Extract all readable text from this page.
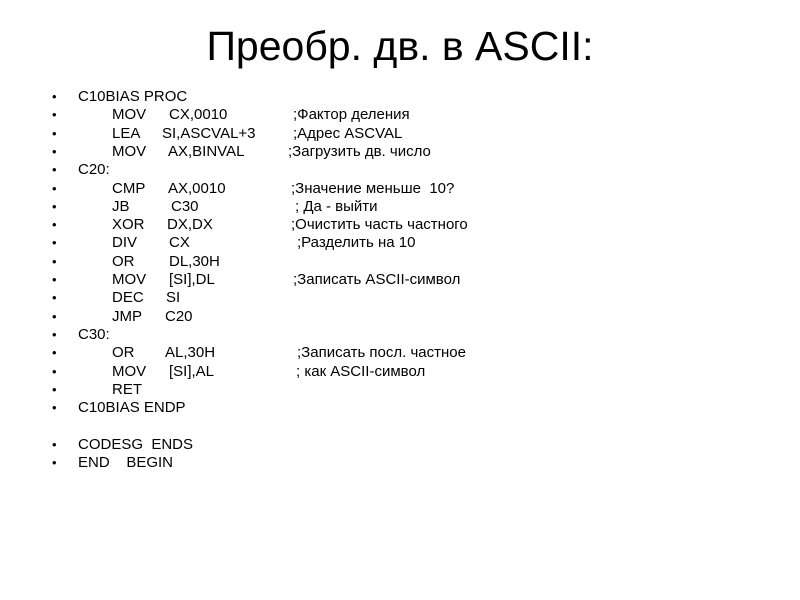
Преобр. дв. в ASCII:
• C10BIAS PROC
•	MOV CX,0010	;Фактор деления
•	LEA SI,ASCVAL+3 ;Адрес ASCVAL
•	MOV AX,BINVAL	;Загрузить дв. число
• C20:
•	CMP AX,0010	;Значение меньше  10?
•	JB	C30	; Да - выйти
•	XOR DX,DX	;Очистить часть частного
•	DIV CX	;Разделить на 10
•	OR DL,30H
•	MOV [SI],DL	;Записать ASCII-символ
•	DEC SI
•	JMP C20
• C30:
•	OR AL,30H	;Записать посл. частное
•	MOV [SI],AL	; как ASCII-символ
•	RET
• C10BIAS ENDP
• CODESG  ENDS
• END    BEGIN
